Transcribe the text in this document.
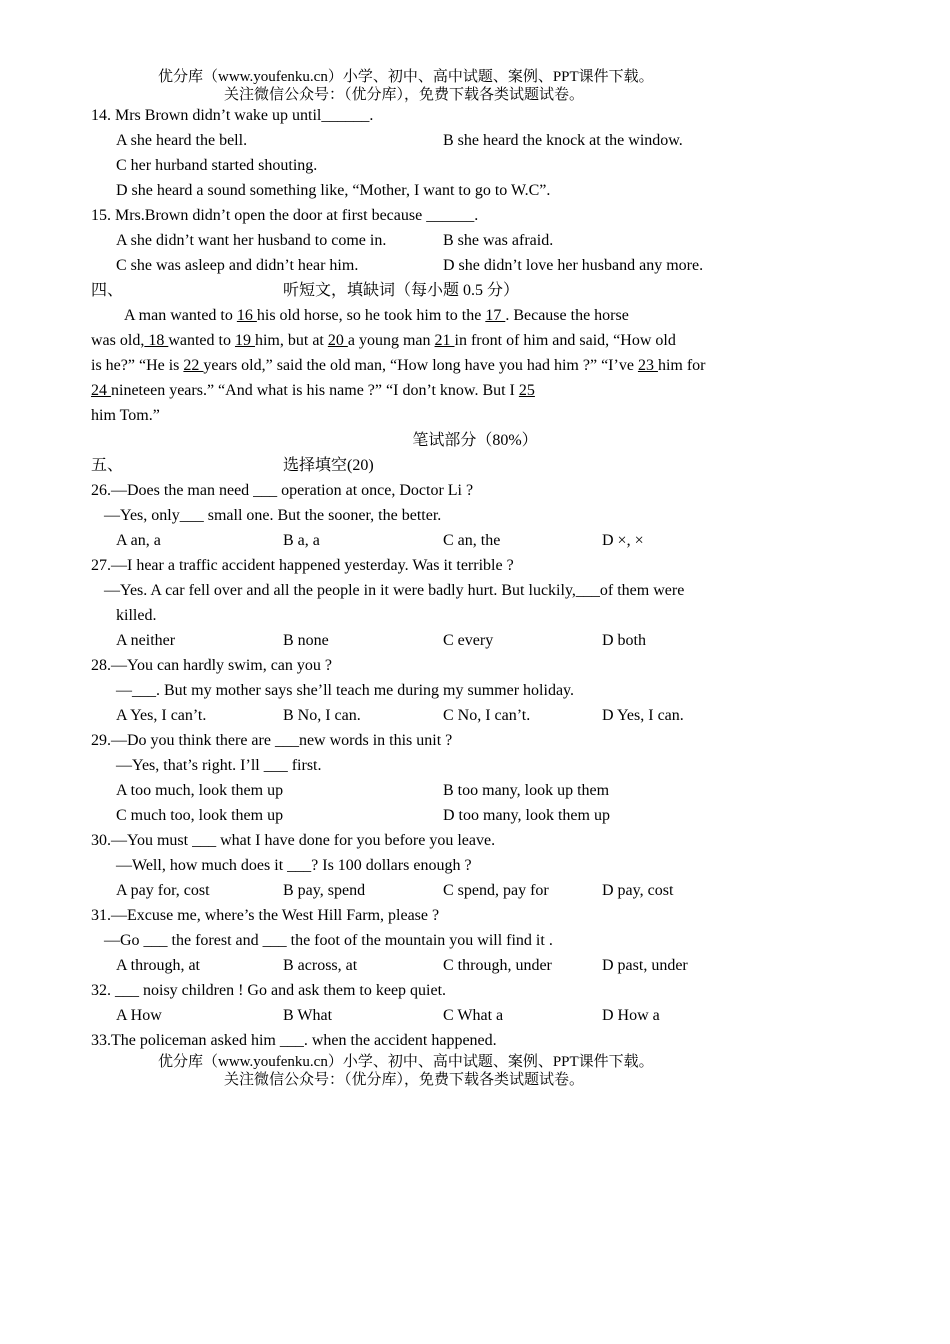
优分库（www.youfenku.cn）小学、初中、高中试题、案例、PPT课件下载。
关注微信公众号：（优分库），免费下载各类试题试卷。
14. Mrs Brown didn’t wake up until______.
A she heard the bell.	B she heard the knock at the window.
C her hurband started shouting.
D she heard a sound something like, “Mother, I want to go to W.C”.
15. Mrs.Brown didn’t open the door at first because ______.
A she didn’t want her husband to come in.	B she was afraid.
C she was asleep and didn’t hear him.	D she didn’t love her husband any more.
四、	听短文，填缺词（每小题 0.5 分）
A man wanted to 16 his old horse, so he took him to the 17 . Because the horse
was old, 18 wanted to 19 him, but at 20 a young man 21 in front of him and said, “How old
is he?” “He is 22 years old,” said the old man, “How long have you had him ?” “I’ve 23 him for
24 nineteen years.” “And what is his name ?” “I don’t know. But I 25
him Tom.”
笔试部分（80%）
五、	选择填空(20)
26.—Does the man need ___ operation at once, Doctor Li ?
—Yes, only___ small one. But the sooner, the better.
A an, a	B a, a	C an, the	D ×, ×
27.—I hear a traffic accident happened yesterday. Was it terrible ?
—Yes. A car fell over and all the people in it were badly hurt. But luckily,___of them were
killed.
A neither	B none	C every	D both
28.—You can hardly swim, can you ?
—___. But my mother says she’ll teach me during my summer holiday.
A Yes, I can’t.	B No, I can.	C No, I can’t.	D Yes, I can.
29.—Do you think there are ___new words in this unit ?
—Yes, that’s right. I’ll ___ first.
A too much, look them up	B too many, look up them
C much too, look them up	D too many, look them up
30.—You must ___ what I have done for you before you leave.
—Well, how much does it ___? Is 100 dollars enough ?
A pay for, cost	B pay, spend	C spend, pay for	D pay, cost
31.—Excuse me, where’s the West Hill Farm, please ?
—Go ___ the forest and ___ the foot of the mountain you will find it .
A through, at	B across, at	C through, under	D past, under
32. ___ noisy children ! Go and ask them to keep quiet.
A How	B What	C What a	D How a
33.The policeman asked him ___. when the accident happened.
优分库（www.youfenku.cn）小学、初中、高中试题、案例、PPT课件下载。
关注微信公众号：（优分库），免费下载各类试题试卷。
